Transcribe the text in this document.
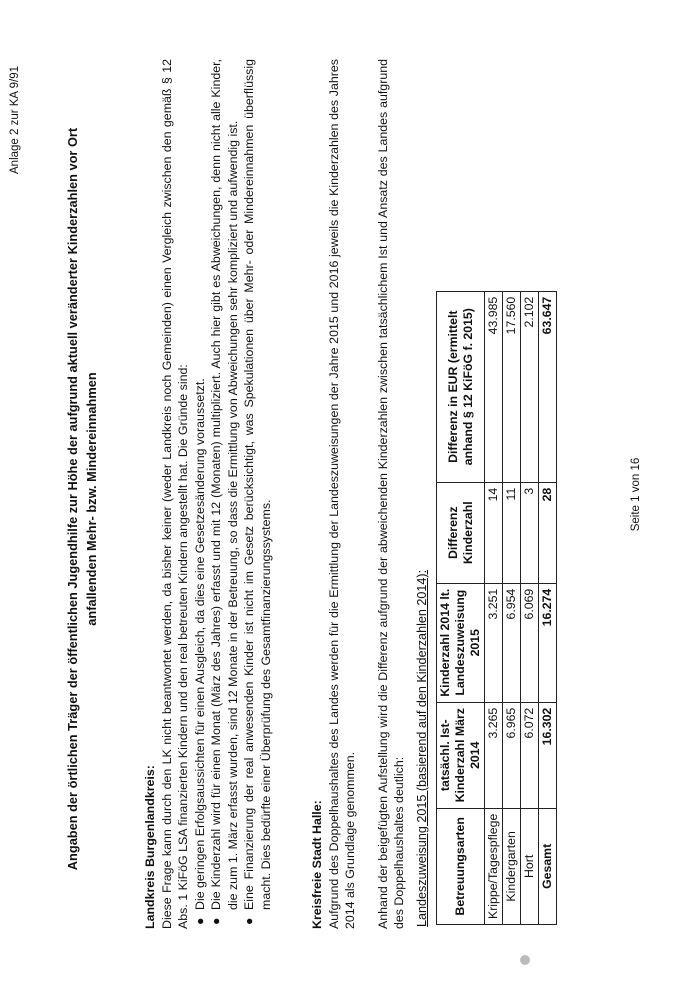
Anlage 2 zur KA 9/91
Angaben der örtlichen Träger der öffentlichen Jugendhilfe zur Höhe der aufgrund aktuell veränderter Kinderzahlen vor Ort anfallenden Mehr- bzw. Mindereinnahmen
Landkreis Burgenlandkreis: Diese Frage kann durch den LK nicht beantwortet werden, da bisher keiner (weder Landkreis noch Gemeinden) einen Vergleich zwischen den gemäß § 12 Abs. 1 KiFöG LSA finanzierten Kindern und den real betreuten Kindern angestellt hat. Die Gründe sind: ●
Die geringen Erfolgsaussichten für einen Ausgleich, da dies eine Gesetzesänderung voraussetzt.
●
Die Kinderzahl wird für einen Monat (März des Jahres) erfasst und mit 12 (Monaten) multipliziert. Auch hier gibt es Abweichungen, denn nicht alle Kinder, die zum 1. März erfasst wurden, sind 12 Monate in der Betreuung, so dass die Ermittlung von Abweichungen sehr kompliziert und aufwendig ist.
●
Eine Finanzierung der real anwesenden Kinder ist nicht im Gesetz berücksichtigt, was Spekulationen über Mehr- oder Mindereinnahmen überflüssig macht. Dies bedürfte einer Überprüfung des Gesamtfinanzierungssystems.	Kreisfreie Stadt Halle: Aufgrund des Doppelhaushaltes des Landes werden für die Ermittlung der Landeszuweisungen der Jahre 2015 und 2016 jeweils die Kinderzahlen des Jahres 2014 als Grundlage genommen. Anhand der beigefügten Aufstellung wird die Differenz aufgrund der abweichenden Kinderzahlen zwischen tatsächlichem Ist und Ansatz des Landes aufgrund des Doppelhaushaltes deutlich: Landeszuweisung 2015 (basierend auf den Kinderzahlen 2014): Betreuungsarten	tatsächl. Ist-Kinderzahl März 2014	Kinderzahl 2014 lt. Landeszuweisung 2015	Differenz Kinderzahl	Differenz in EUR (ermittelt anhand § 12 KiFöG f. 2015)
Krippe/Tagespflege	3.265	3.251	14	43.985
Kindergarten	6.965	6.954	11	17.560
Hort	6.072	6.069	3	2.102
Gesamt	16.302	16.274	28	63.647
Seite 1 von 16
